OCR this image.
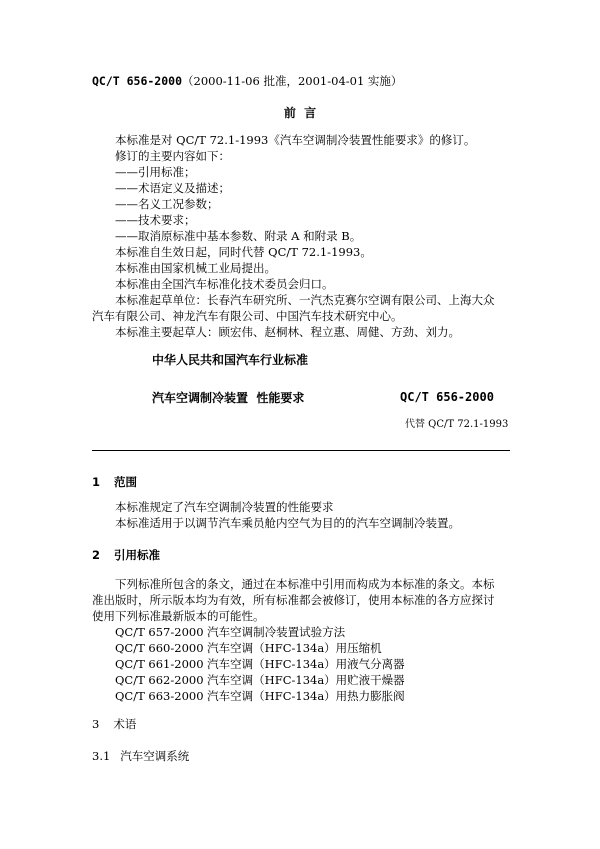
QC/T 656-2000（2000-11-06 批准，2001-04-01 实施）
前  言
本标准是对 QC/T 72.1-1993《汽车空调制冷装置性能要求》的修订。
修订的主要内容如下：
——引用标准；
——术语定义及描述；
——名义工况参数；
——技术要求；
——取消原标准中基本参数、附录 A 和附录 B。
本标准自生效日起，同时代替 QC/T 72.1-1993。
本标准由国家机械工业局提出。
本标准由全国汽车标准化技术委员会归口。
本标准起草单位：长春汽车研究所、一汽杰克赛尔空调有限公司、上海大众
汽车有限公司、神龙汽车有限公司、中国汽车技术研究中心。
本标准主要起草人：顾宏伟、赵桐林、程立惠、周健、方劲、刘力。
中华人民共和国汽车行业标准
汽车空调制冷装置  性能要求	QC/T 656-2000
代替 QC/T 72.1-1993
1 范围
本标准规定了汽车空调制冷装置的性能要求
本标准适用于以调节汽车乘员舱内空气为目的的汽车空调制冷装置。
2 引用标准
下列标准所包含的条文，通过在本标准中引用而构成为本标准的条文。本标
准出版时，所示版本均为有效，所有标准都会被修订，使用本标准的各方应探讨
使用下列标准最新版本的可能性。
QC/T 657-2000 汽车空调制冷装置试验方法
QC/T 660-2000 汽车空调（HFC-134a）用压缩机
QC/T 661-2000 汽车空调（HFC-134a）用液气分离器
QC/T 662-2000 汽车空调（HFC-134a）用贮液干燥器
QC/T 663-2000 汽车空调（HFC-134a）用热力膨胀阀
3 术语
3.1 汽车空调系统
